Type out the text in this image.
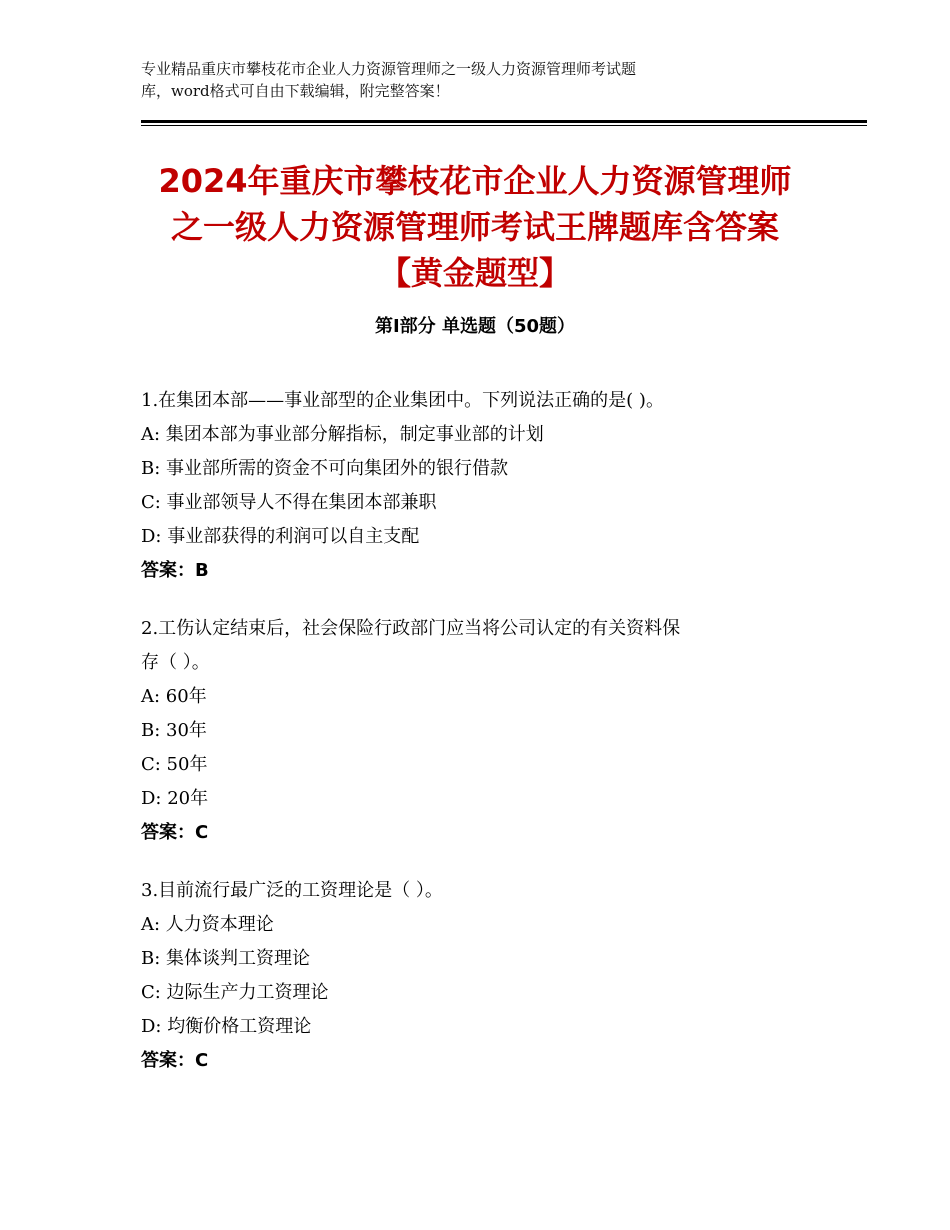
专业精品重庆市攀枝花市企业人力资源管理师之一级人力资源管理师考试题
库，word格式可自由下载编辑，附完整答案！
2024年重庆市攀枝花市企业人力资源管理师
之一级人力资源管理师考试王牌题库含答案
【黄金题型】
第Ⅰ部分 单选题（50题）
1.在集团本部——事业部型的企业集团中。下列说法正确的是( )。
A: 集团本部为事业部分解指标，制定事业部的计划
B: 事业部所需的资金不可向集团外的银行借款
C: 事业部领导人不得在集团本部兼职
D: 事业部获得的利润可以自主支配
答案：B
2.工伤认定结束后，社会保险行政部门应当将公司认定的有关资料保
存（ ）。
A: 60年
B: 30年
C: 50年
D: 20年
答案：C
3.目前流行最广泛的工资理论是（ ）。
A: 人力资本理论
B: 集体谈判工资理论
C: 边际生产力工资理论
D: 均衡价格工资理论
答案：C
